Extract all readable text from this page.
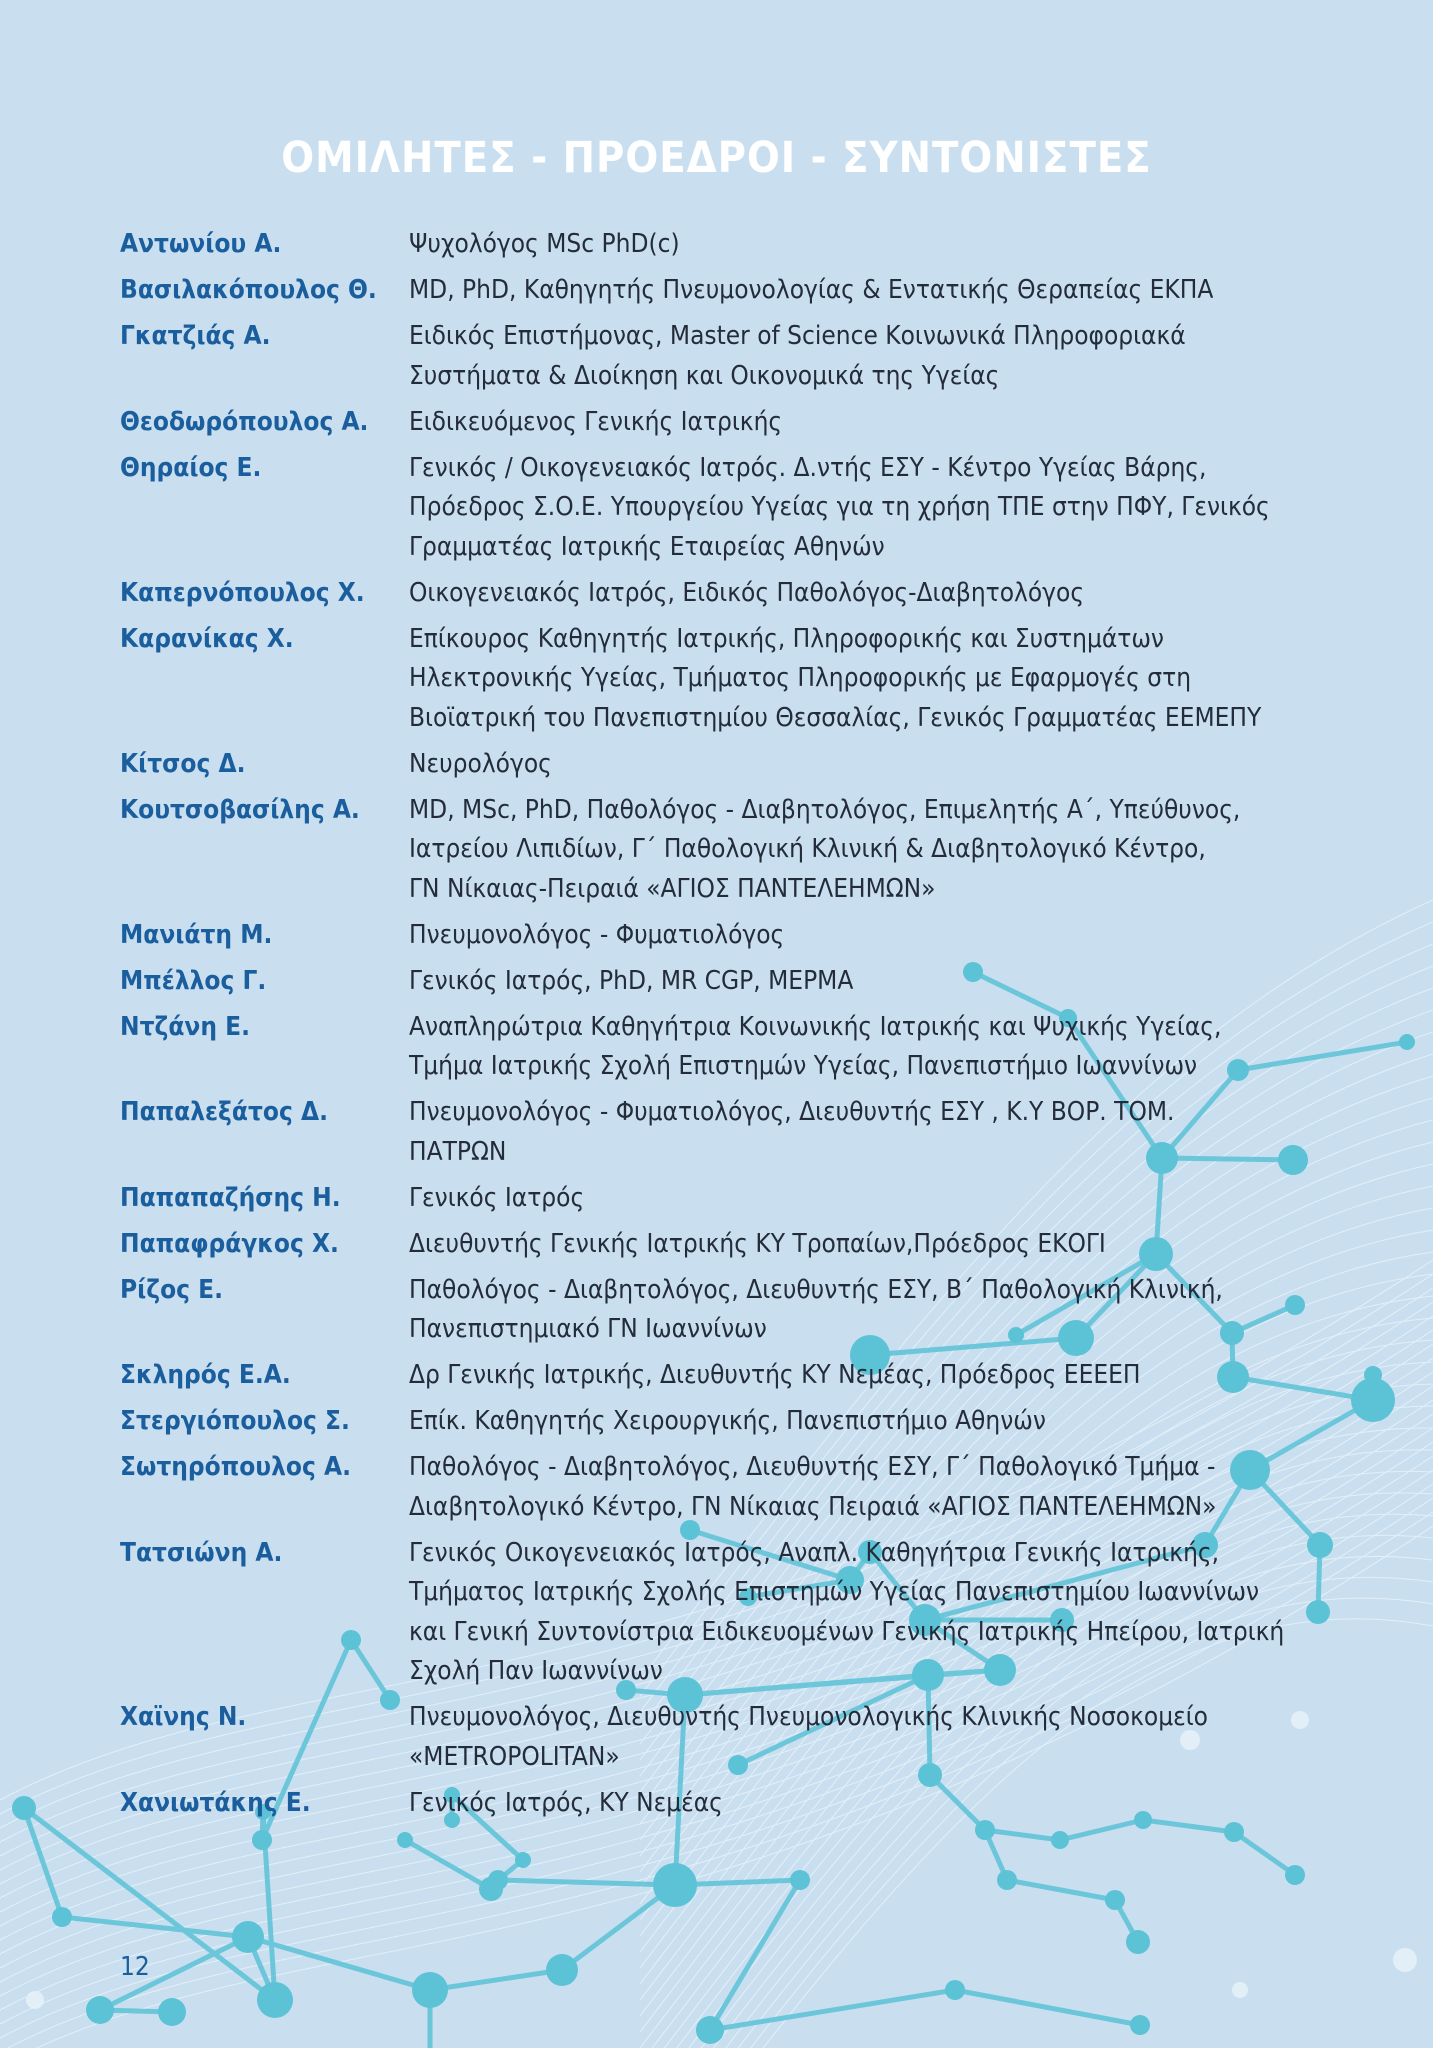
ΟΜΙΛΗΤΕΣ - ΠΡΟΕΔΡΟΙ - ΣΥΝΤΟΝΙΣΤΕΣ
Αντωνίου Α.	Ψυχολόγος MSc PhD(c)
Βασιλακόπουλος Θ.	MD, PhD, Καθηγητής Πνευμονολογίας & Εντατικής Θεραπείας ΕΚΠΑ
Γκατζιάς Α.	Ειδικός Επιστήμονας, Master of Science Κοινωνικά Πληροφοριακά
Συστήματα & Διοίκηση και Οικονομικά της Υγείας
Θεοδωρόπουλος Α.	Ειδικευόμενος Γενικής Ιατρικής
Θηραίος Ε.	Γενικός / Οικογενειακός Ιατρός. Δ.ντής ΕΣΥ - Κέντρο Υγείας Βάρης,
Πρόεδρος Σ.Ο.Ε. Υπουργείου Υγείας για τη χρήση ΤΠΕ στην ΠΦΥ, Γενικός
Γραμματέας Ιατρικής Εταιρείας Αθηνών
Καπερνόπουλος Χ.	Οικογενειακός Ιατρός, Ειδικός Παθολόγος-Διαβητολόγος
Καρανίκας Χ.	Επίκουρος Καθηγητής Ιατρικής, Πληροφορικής και Συστημάτων
Ηλεκτρονικής Υγείας, Τμήματος Πληροφορικής με Εφαρμογές στη
Βιοϊατρική του Πανεπιστημίου Θεσσαλίας, Γενικός Γραμματέας ΕΕΜΕΠΥ
Κίτσος Δ.	Νευρολόγος
Κουτσοβασίλης Α.	MD, MSc, PhD, Παθολόγος - Διαβητολόγος, Επιμελητής Α΄, Υπεύθυνος,
Ιατρείου Λιπιδίων, Γ΄ Παθολογική Κλινική & Διαβητολογικό Κέντρο,
ΓΝ Νίκαιας-Πειραιά «ΑΓΙΟΣ ΠΑΝΤΕΛΕΗΜΩΝ»
Μανιάτη Μ.	Πνευμονολόγος - Φυματιολόγος
Μπέλλος Γ.	Γενικός Ιατρός, PhD, MR CGP, ΜΕΡΜΑ
Ντζάνη Ε.	Αναπληρώτρια Καθηγήτρια Κοινωνικής Ιατρικής και Ψυχικής Υγείας,
Τμήμα Ιατρικής Σχολή Επιστημών Υγείας, Πανεπιστήμιο Ιωαννίνων
Παπαλεξάτος Δ.	Πνευμονολόγος - Φυματιολόγος, Διευθυντής ΕΣΥ , Κ.Υ ΒΟΡ. ΤΟΜ.
ΠΑΤΡΩΝ
Παπαπαζήσης Η.	Γενικός Ιατρός
Παπαφράγκος Χ.	Διευθυντής Γενικής Ιατρικής ΚΥ Τροπαίων,Πρόεδρος ΕΚΟΓΙ
Ρίζος Ε.	Παθολόγος - Διαβητολόγος, Διευθυντής ΕΣΥ, Β΄ Παθολογική Κλινική,
Πανεπιστημιακό ΓΝ Ιωαννίνων
Σκληρός Ε.Α.	Δρ Γενικής Ιατρικής, Διευθυντής ΚΥ Νεμέας, Πρόεδρος ΕΕΕΕΠ
Στεργιόπουλος Σ.	Επίκ. Καθηγητής Χειρουργικής, Πανεπιστήμιο Αθηνών
Σωτηρόπουλος Α.	Παθολόγος - Διαβητολόγος, Διευθυντής ΕΣΥ, Γ΄ Παθολογικό Τμήμα -
Διαβητολογικό Κέντρο, ΓΝ Νίκαιας Πειραιά «ΑΓΙΟΣ ΠΑΝΤΕΛΕΗΜΩΝ»
Τατσιώνη Α.	Γενικός Οικογενειακός Ιατρός, Αναπλ. Καθηγήτρια Γενικής Ιατρικής,
Τμήματος Ιατρικής Σχολής Επιστημών Υγείας Πανεπιστημίου Ιωαννίνων
και Γενική Συντονίστρια Ειδικευομένων Γενικής Ιατρικής Ηπείρου, Ιατρική
Σχολή Παν Ιωαννίνων
Χαϊνης Ν.	Πνευμονολόγος, Διευθυντής Πνευμονολογικής Κλινικής Νοσοκομείο
«METROPOLITAN»
Χανιωτάκης Ε.	Γενικός Ιατρός, ΚΥ Νεμέας
12
